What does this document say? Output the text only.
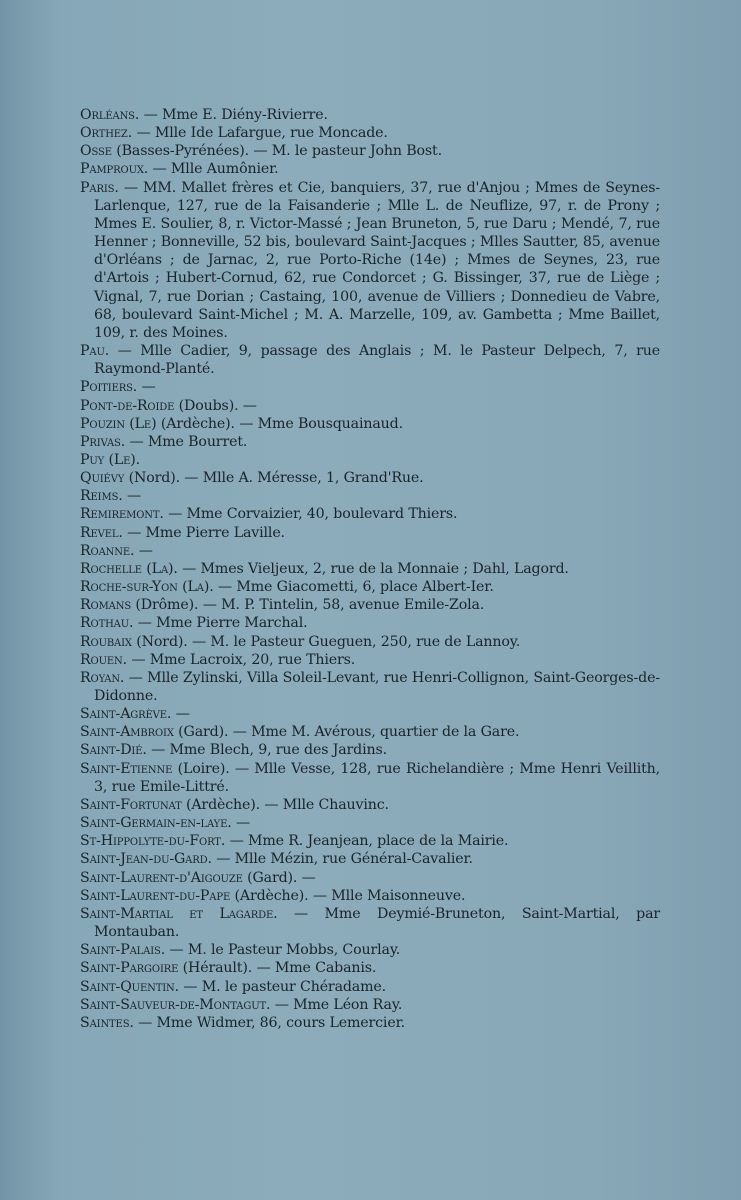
Orléans. — Mme E. Diény-Rivierre.

Orthez. — Mlle Ide Lafargue, rue Moncade.

Osse (Basses-Pyrénées). — M. le pasteur John Bost.

Pamproux. — Mlle Aumônier.

Paris. — MM. Mallet frères et Cie, banquiers, 37, rue d'Anjou ; Mmes de Seynes-Larlenque, 127, rue de la Faisanderie ; Mlle L. de Neuflize, 97, r. de Prony ; Mmes E. Soulier, 8, r. Victor-Massé ; Jean Bruneton, 5, rue Daru ; Mendé, 7, rue Henner ; Bonneville, 52 bis, boulevard Saint-Jacques ; Mlles Sautter, 85, avenue d'Orléans ; de Jarnac, 2, rue Porto-Riche (14e) ; Mmes de Seynes, 23, rue d'Artois ; Hubert-Cornud, 62, rue Condorcet ; G. Bissinger, 37, rue de Liège ; Vignal, 7, rue Dorian ; Castaing, 100, avenue de Villiers ; Donnedieu de Vabre, 68, boulevard Saint-Michel ; M. A. Marzelle, 109, av. Gambetta ; Mme Baillet, 109, r. des Moines.

Pau. — Mlle Cadier, 9, passage des Anglais ; M. le Pasteur Delpech, 7, rue Raymond-Planté.

Poitiers. —

Pont-de-Roide (Doubs). —

Pouzin (Le) (Ardèche). — Mme Bousquainaud.

Privas. — Mme Bourret.

Puy (Le).

Quiévy (Nord). — Mlle A. Méresse, 1, Grand'Rue.

Reims. —

Remiremont. — Mme Corvaizier, 40, boulevard Thiers.

Revel. — Mme Pierre Laville.

Roanne. —

Rochelle (La). — Mmes Vieljeux, 2, rue de la Monnaie ; Dahl, Lagord.

Roche-sur-Yon (La). — Mme Giacometti, 6, place Albert-Ier.

Romans (Drôme). — M. P. Tintelin, 58, avenue Emile-Zola.

Rothau. — Mme Pierre Marchal.

Roubaix (Nord). — M. le Pasteur Gueguen, 250, rue de Lannoy.

Rouen. — Mme Lacroix, 20, rue Thiers.

Royan. — Mlle Zylinski, Villa Soleil-Levant, rue Henri-Collignon, Saint-Georges-de-Didonne.

Saint-Agrève. —

Saint-Ambroix (Gard). — Mme M. Avérous, quartier de la Gare.

Saint-Dié. — Mme Blech, 9, rue des Jardins.

Saint-Etienne (Loire). — Mlle Vesse, 128, rue Richelandière ; Mme Henri Veillith, 3, rue Emile-Littré.

Saint-Fortunat (Ardèche). — Mlle Chauvinc.

Saint-Germain-en-laye. —

St-Hippolyte-du-Fort. — Mme R. Jeanjean, place de la Mairie.

Saint-Jean-du-Gard. — Mlle Mézin, rue Général-Cavalier.

Saint-Laurent-d'Aigouze (Gard). —

Saint-Laurent-du-Pape (Ardèche). — Mlle Maisonneuve.

Saint-Martial et Lagarde. — Mme Deymié-Bruneton, Saint-Martial, par Montauban.

Saint-Palais. — M. le Pasteur Mobbs, Courlay.

Saint-Pargoire (Hérault). — Mme Cabanis.

Saint-Quentin. — M. le pasteur Chéradame.

Saint-Sauveur-de-Montagut. — Mme Léon Ray.

Saintes. — Mme Widmer, 86, cours Lemercier.
